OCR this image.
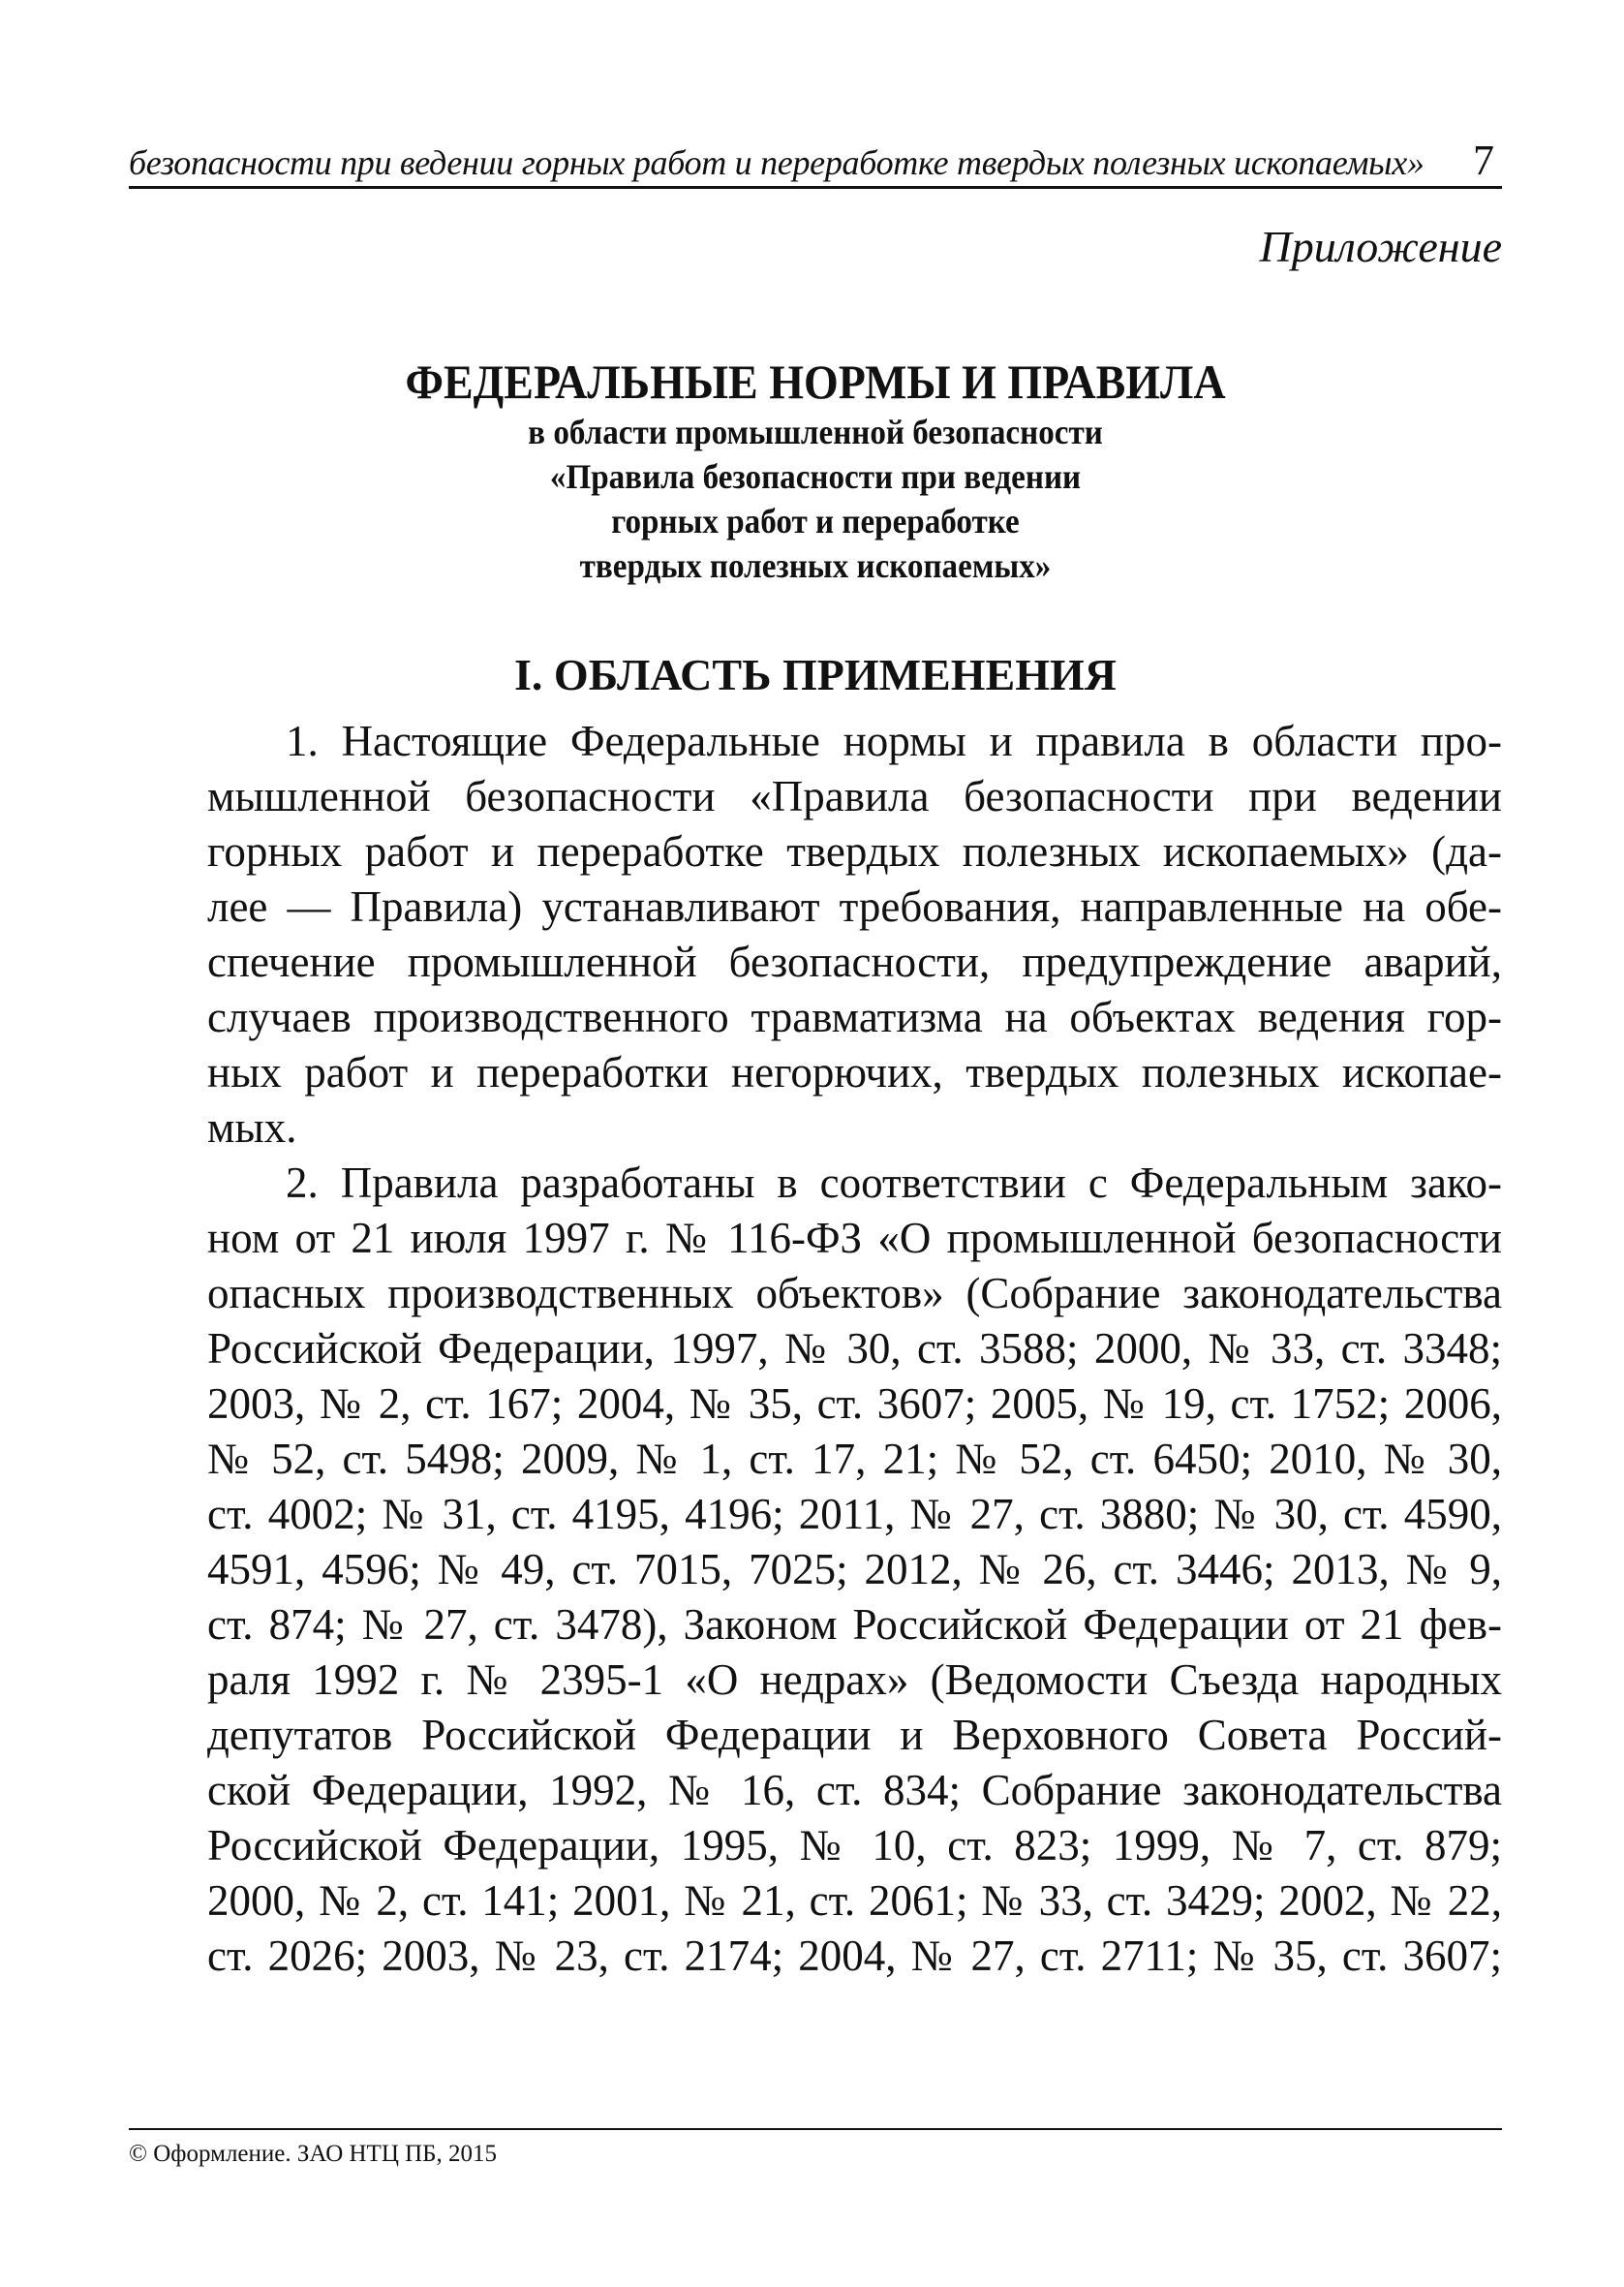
безопасности при ведении горных работ и переработке твердых полезных ископаемых» 7
Приложение
ФЕДЕРАЛЬНЫЕ НОРМЫ И ПРАВИЛА
в области промышленной безопасности
«Правила безопасности при ведении
горных работ и переработке
твердых полезных ископаемых»
I. ОБЛАСТЬ ПРИМЕНЕНИЯ
1. Настоящие Федеральные нормы и правила в области про-
мышленной безопасности «Правила безопасности при ведении
горных работ и переработке твердых полезных ископаемых» (да-
лее — Правила) устанавливают требования, направленные на обе-
спечение промышленной безопасности, предупреждение аварий,
случаев производственного травматизма на объектах ведения гор-
ных работ и переработки негорючих, твердых полезных ископае-
мых.
2. Правила разработаны в соответствии с Федеральным зако-
ном от 21 июля 1997 г. № 116-ФЗ «О промышленной безопасности
опасных производственных объектов» (Собрание законодательства
Российской Федерации, 1997, № 30, ст. 3588; 2000, № 33, ст. 3348;
2003, № 2, ст. 167; 2004, № 35, ст. 3607; 2005, № 19, ст. 1752; 2006,
№ 52, ст. 5498; 2009, № 1, ст. 17, 21; № 52, ст. 6450; 2010, № 30,
ст. 4002; № 31, ст. 4195, 4196; 2011, № 27, ст. 3880; № 30, ст. 4590,
4591, 4596; № 49, ст. 7015, 7025; 2012, № 26, ст. 3446; 2013, № 9,
ст. 874; № 27, ст. 3478), Законом Российской Федерации от 21 фев-
раля 1992 г. № 2395-1 «О недрах» (Ведомости Съезда народных
депутатов Российской Федерации и Верховного Совета Россий-
ской Федерации, 1992, № 16, ст. 834; Собрание законодательства
Российской Федерации, 1995, № 10, ст. 823; 1999, № 7, ст. 879;
2000, № 2, ст. 141; 2001, № 21, ст. 2061; № 33, ст. 3429; 2002, № 22,
ст. 2026; 2003, № 23, ст. 2174; 2004, № 27, ст. 2711; № 35, ст. 3607;
© Оформление. ЗАО НТЦ ПБ, 2015
